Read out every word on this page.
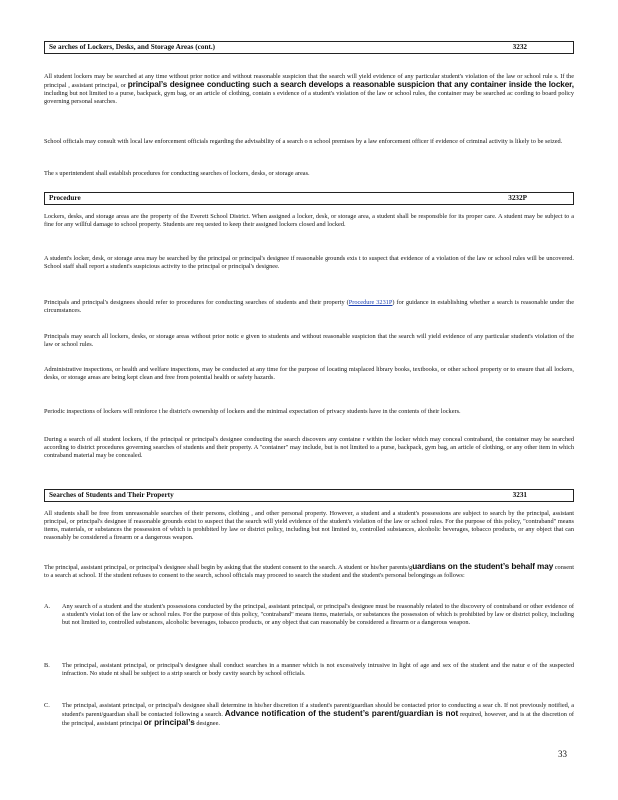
Se arches of Lockers, Desks, and Storage Areas (cont.)	3232

All student lockers may be searched at any time without prior notice and without reasonable suspicion that the search will yield evidence of any particular student's violation of the law or school rule s. If the principal , assistant principal, or principal’s designee conducting such a search develops a reasonable suspicion that any container inside the locker, including but not limited to a purse, backpack, gym bag, or an article of clothing, contain s evidence of a student's violation of the law or school rules, the container may be searched ac cording to board policy governing personal searches.

School officials may consult with local law enforcement officials regarding the advisability of a search o n school premises by a law enforcement officer if evidence of criminal activity is likely to be seized.

The s uperintendent shall establish procedures for conducting searches of lockers, desks, or storage areas.

Procedure	3232P

Lockers, desks, and storage areas are the property of the Everett School District. When assigned a locker, desk, or storage area, a student shall be responsible for its proper care. A student may be subject to a fine for any willful damage to school property. Students are req uested to keep their assigned lockers closed and locked.

A student's locker, desk, or storage area may be searched by the principal or principal's designee if reasonable grounds exis t to suspect that evidence of a violation of the law or school rules will be uncovered. School staff shall report a student's suspicious activity to the principal or principal's designee.

Principals and principal's designees should refer to procedures for conducting searches of students and their property (Procedure 3231P) for guidance in establishing whether a search is reasonable under the circumstances.

Principals may search all lockers, desks, or storage areas without prior notic e given to students and without reasonable suspicion that the search will yield evidence of any particular student's violation of the law or school rules.

Administrative inspections, or health and welfare inspections, may be conducted at any time for the purpose of locating misplaced library books, textbooks, or other school property or to ensure that all lockers, desks, or storage areas are being kept clean and free from potential health or safety hazards.

Periodic inspections of lockers will reinforce t he district's ownership of lockers and the minimal expectation of privacy students have in the contents of their lockers.

During a search of all student lockers, if the principal or principal's designee conducting the search discovers any containe r within the locker which may conceal contraband, the container may be searched according to district procedures governing searches of students and their property. A "container" may include, but is not limited to a purse, backpack, gym bag, an article of clothing, or any other item in which contraband material may be concealed.

Searches of Students and Their Property	3231

All students shall be free from unreasonable searches of their persons, clothing , and other personal property. However, a student and a student's possessions are subject to search by the principal, assistant principal, or principal's designee if reasonable grounds exist to suspect that the search will yield evidence of the student's violation of the law or school rules. For the purpose of this policy, "contraband" means items, materials, or substances the possession of which is prohibited by law or district policy, including but not limited to, controlled substances, alcoholic beverages, tobacco products, or any object that can reasonably be considered a firearm or a dangerous weapon.

The principal, assistant principal, or principal's designee shall begin by asking that the student consent to the search. A student or his/her parents/guardians on the student’s behalf may consent to a search at school. If the student refuses to consent to the search, school officials may proceed to search the student and the student's personal belongings as follows:

A. Any search of a student and the student's possessions conducted by the principal, assistant principal, or principal's designee must be reasonably related to the discovery of contraband or other evidence of a student's violat ion of the law or school rules. For the purpose of this policy, "contraband" means items, materials, or substances the possession of which is prohibited by law or district policy, including but not limited to, controlled substances, alcoholic beverages, tobacco products, or any object that can reasonably be considered a firearm or a dangerous weapon.
B. The principal, assistant principal, or principal's designee shall conduct searches in a manner which is not excessively intrusive in light of age and sex of the student and the natur e of the suspected infraction. No stude nt shall be subject to a strip search or body cavity search by school officials.
C. The principal, assistant principal, or principal's designee shall determine in his/her discretion if a student's parent/guardian should be contacted prior to conducting a sear ch. If not previously notified, a student's parent/guardian shall be contacted following a search. Advance notification of the student’s parent/guardian is not required, however, and is at the discretion of the principal, assistant principal or principal’s designee.
33
